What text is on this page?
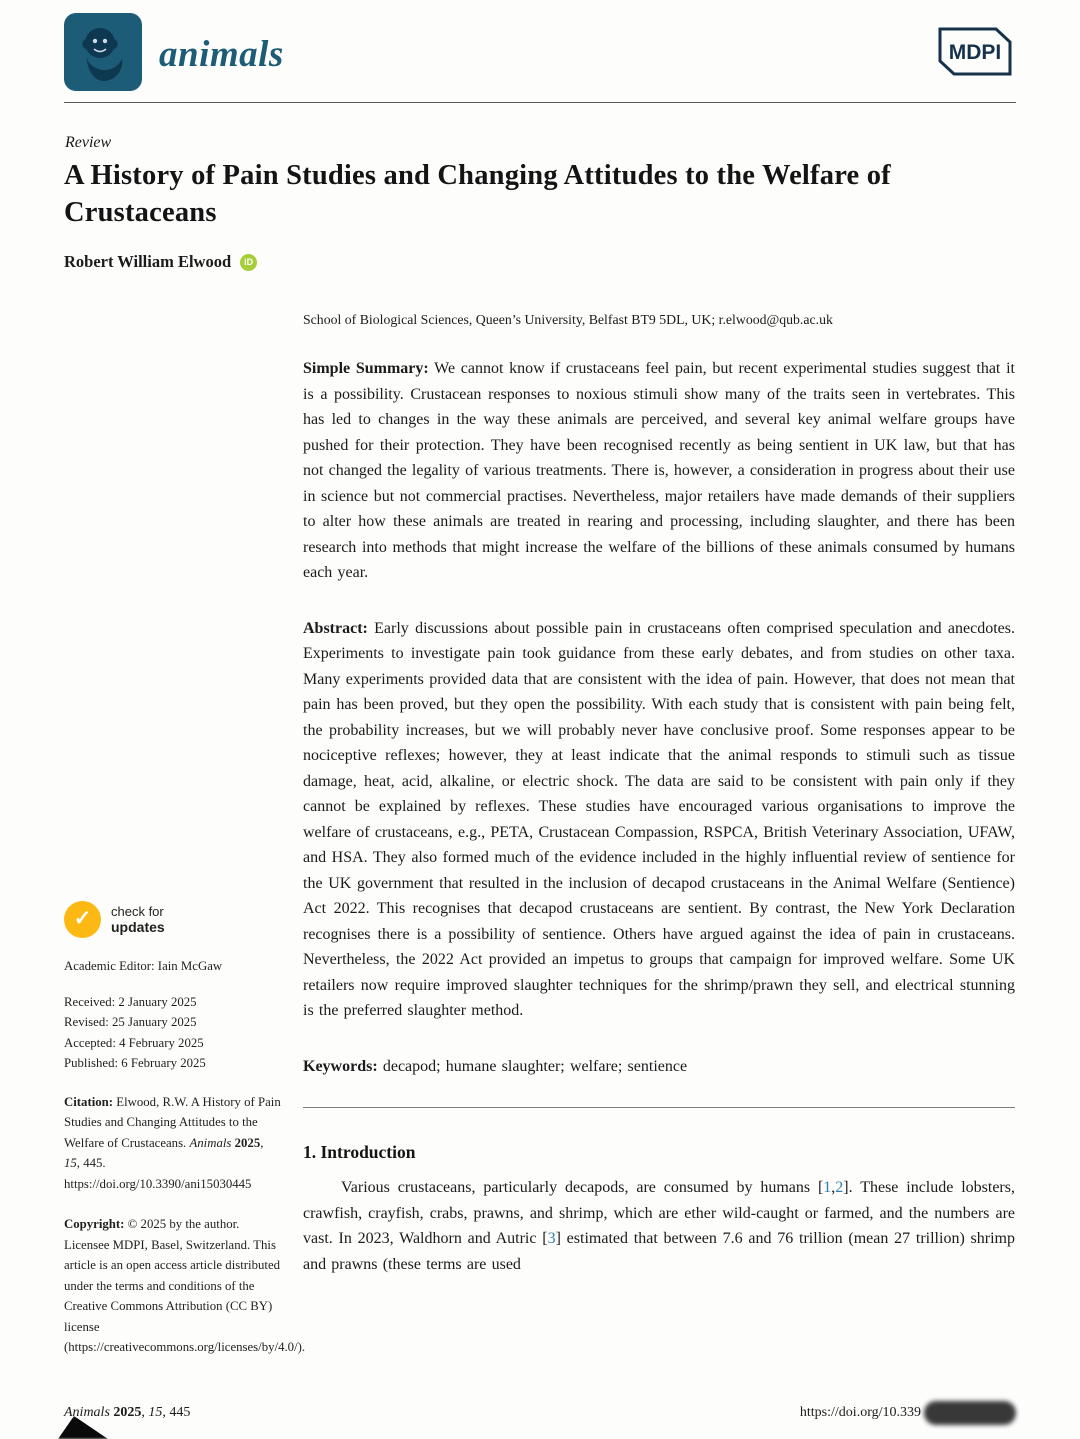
animals	MDPI
Review
A History of Pain Studies and Changing Attitudes to the Welfare of Crustaceans
Robert William Elwood	iD
School of Biological Sciences, Queen’s University, Belfast BT9 5DL, UK; r.elwood@qub.ac.uk

Simple Summary: We cannot know if crustaceans feel pain, but recent experimental studies suggest that it is a possibility. Crustacean responses to noxious stimuli show many of the traits seen in vertebrates. This has led to changes in the way these animals are perceived, and several key animal welfare groups have pushed for their protection. They have been recognised recently as being sentient in UK law, but that has not changed the legality of various treatments. There is, however, a consideration in progress about their use in science but not commercial practises. Nevertheless, major retailers have made demands of their suppliers to alter how these animals are treated in rearing and processing, including slaughter, and there has been research into methods that might increase the welfare of the billions of these animals consumed by humans each year.

Abstract: Early discussions about possible pain in crustaceans often comprised speculation and anecdotes. Experiments to investigate pain took guidance from these early debates, and from studies on other taxa. Many experiments provided data that are consistent with the idea of pain. However, that does not mean that pain has been proved, but they open the possibility. With each study that is consistent with pain being felt, the probability increases, but we will probably never have conclusive proof. Some responses appear to be nociceptive reflexes; however, they at least indicate that the animal responds to stimuli such as tissue damage, heat, acid, alkaline, or electric shock. The data are said to be consistent with pain only if they cannot be explained by reflexes. These studies have encouraged various organisations to improve the welfare of crustaceans, e.g., PETA, Crustacean Compassion, RSPCA, British Veterinary Association, UFAW, and HSA. They also formed much of the evidence included in the highly influential review of sentience for the UK government that resulted in the inclusion of decapod crustaceans in the Animal Welfare (Sentience) Act 2022. This recognises that decapod crustaceans are sentient. By contrast, the New York Declaration recognises there is a possibility of sentience. Others have argued against the idea of pain in crustaceans. Nevertheless, the 2022 Act provided an impetus to groups that campaign for improved welfare. Some UK retailers now require improved slaughter techniques for the shrimp/prawn they sell, and electrical stunning is the preferred slaughter method.

Keywords: decapod; humane slaughter; welfare; sentience

1. Introduction

Various crustaceans, particularly decapods, are consumed by humans [1,2]. These include lobsters, crawfish, crayfish, crabs, prawns, and shrimp, which are ether wild-caught or farmed, and the numbers are vast. In 2023, Waldhorn and Autric [3] estimated that between 7.6 and 76 trillion (mean 27 trillion) shrimp and prawns (these terms are used

✓	check for
updates
Academic Editor: Iain McGaw
Received: 2 January 2025
Revised: 25 January 2025
Accepted: 4 February 2025
Published: 6 February 2025
Citation: Elwood, R.W. A History of Pain Studies and Changing Attitudes to the Welfare of Crustaceans. Animals 2025, 15, 445. https://doi.org/10.3390/ani15030445
Copyright: © 2025 by the author. Licensee MDPI, Basel, Switzerland. This article is an open access article distributed under the terms and conditions of the Creative Commons Attribution (CC BY) license (https://creativecommons.org/licenses/by/4.0/).
Animals 2025, 15, 445	https://doi.org/10.339
